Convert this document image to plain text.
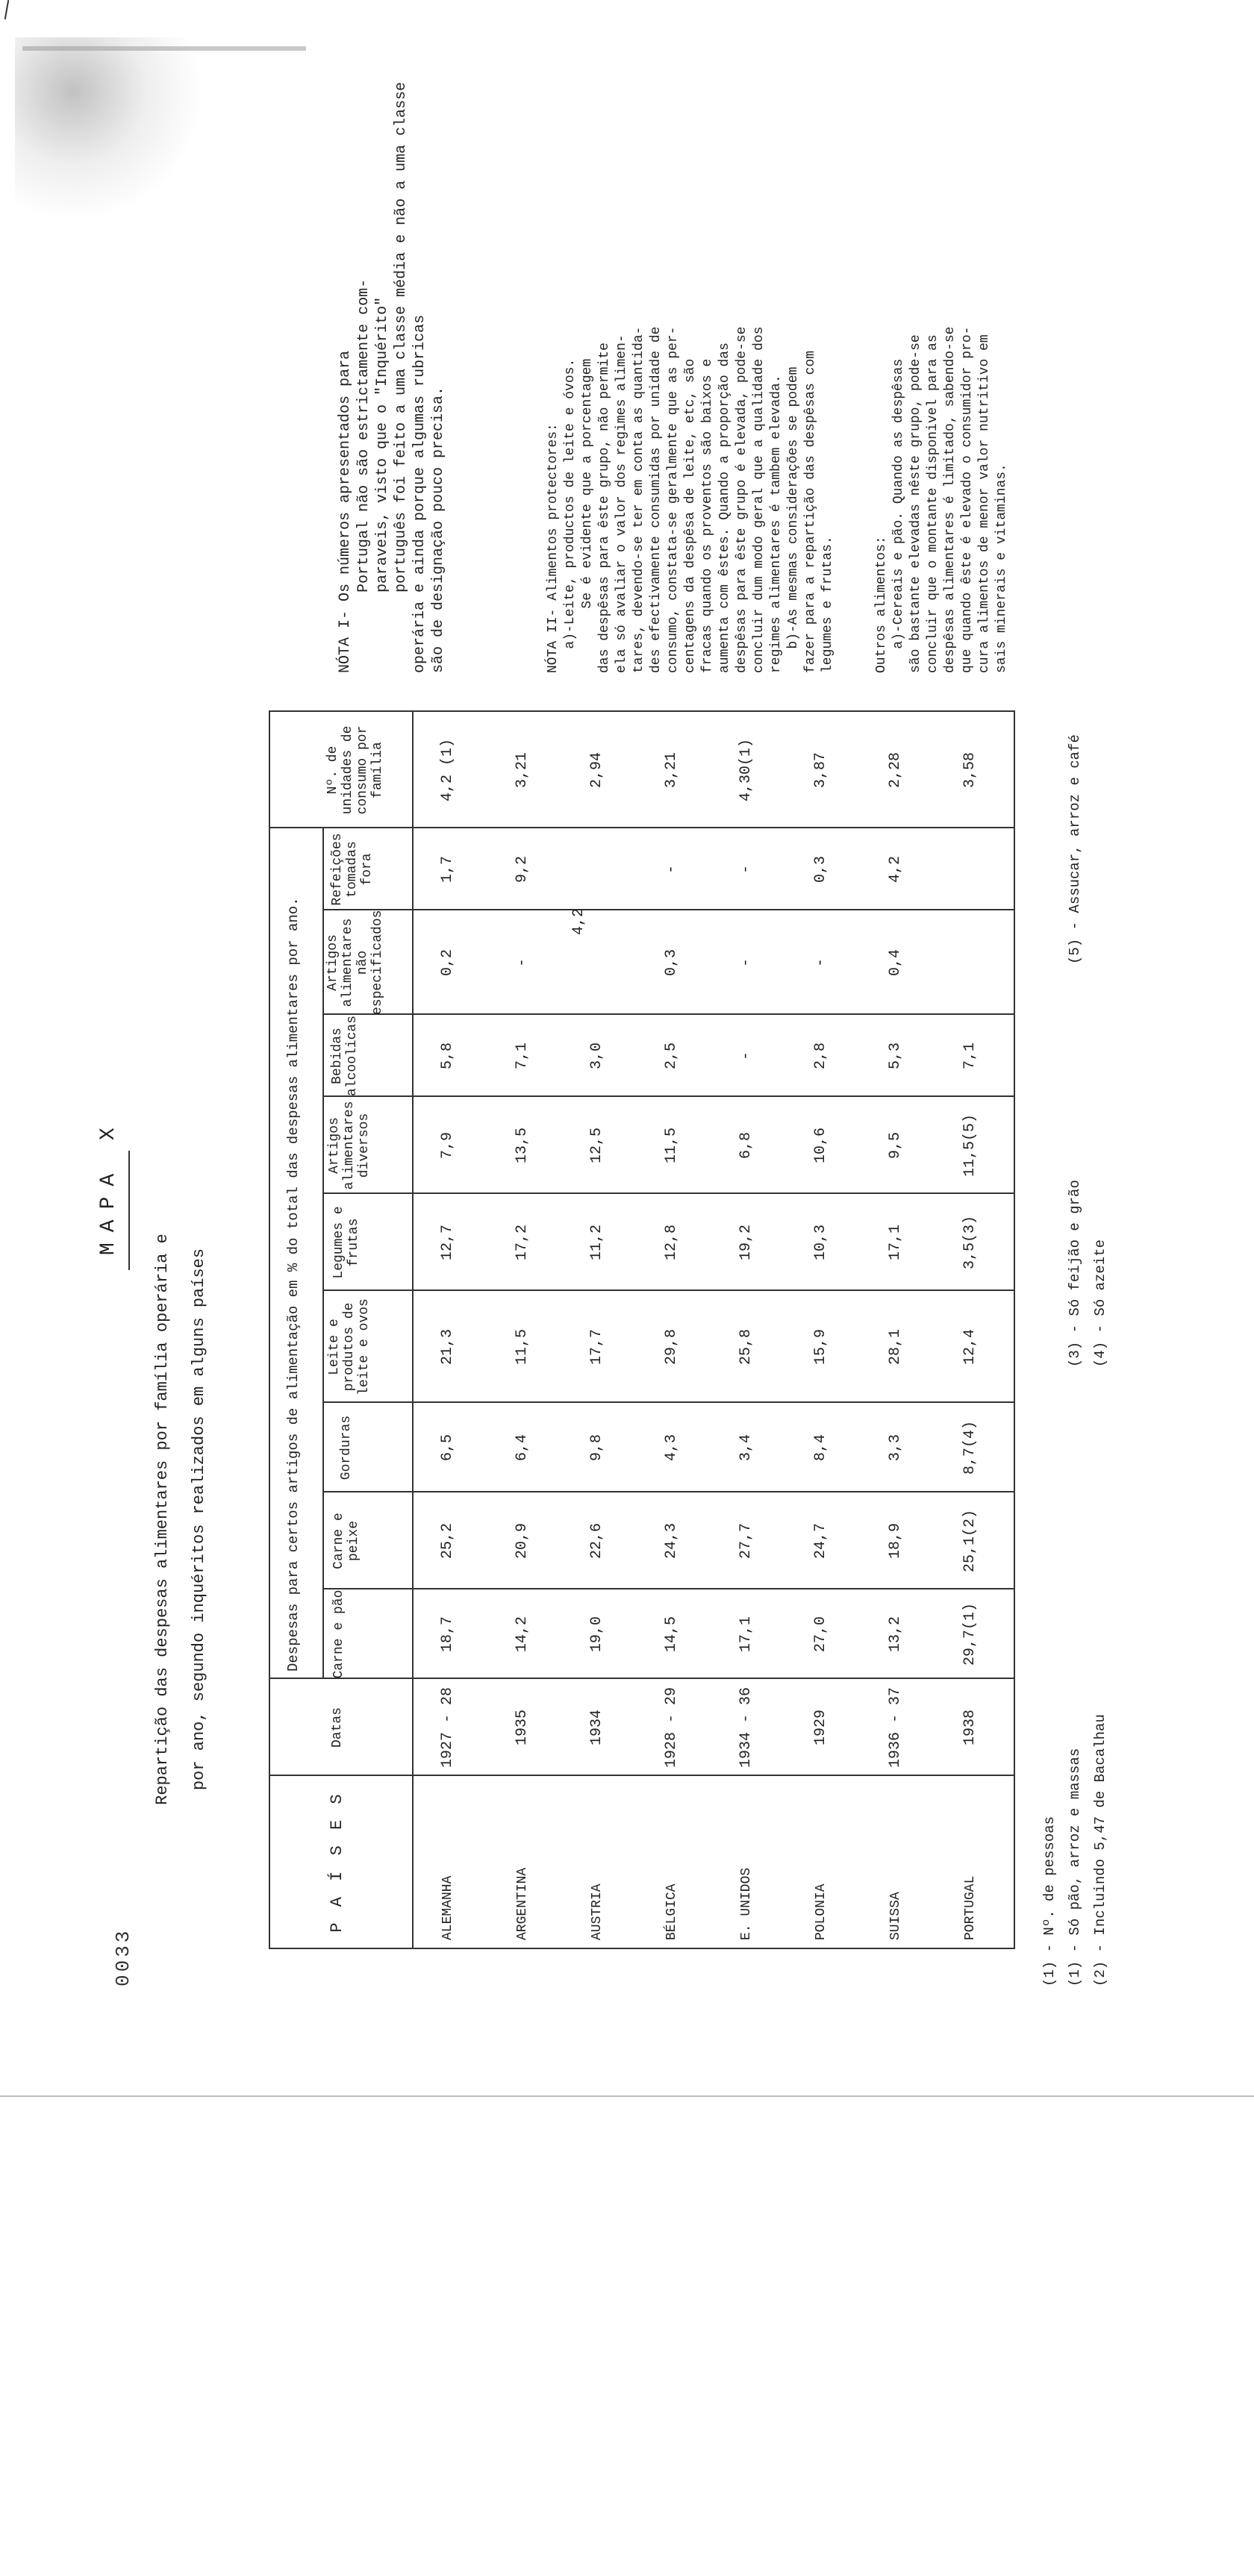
0033
MAPA X
Repartição das despesas alimentares por família operária e por ano, segundo inquéritos realizados em alguns países
P A Í S E S
Datas
Despesas para certos artigos de alimentação em % do total das despesas alimentares por ano. Carne e pão
Carne e peixe
Gorduras
Leite e produtos de leite e ovos
Legumes e frutas
Artigos alimentares diversos
Bebidas alcoolicas
Artigos alimentares não especificados
Refeições tomadas fora
Nº. de unidades de consumo por família
ALEMANHA
1927 - 28
18,7
25,2
6,5
21,3
12,7
7,9
5,8
0,2
1,7
4,2 (1)
ARGENTINA
1935
14,2
20,9
6,4
11,5
17,2
13,5
7,1
-
9,2
3,21
AUSTRIA
1934
19,0
22,6
9,8
17,7
11,2
12,5
3,0
4,2
2,94
BÉLGICA
1928 - 29
14,5
24,3
4,3
29,8
12,8
11,5
2,5
0,3
-
3,21
E. UNIDOS
1934 - 36
17,1
27,7
3,4
25,8
19,2
6,8
-
-
-
4,30(1)
POLONIA
1929
27,0
24,7
8,4
15,9
10,3
10,6
2,8
-
0,3
3,87
SUISSA
1936 - 37
13,2
18,9
3,3
28,1
17,1
9,5
5,3
0,4
4,2
2,28
PORTUGAL
1938
29,7(1)
25,1(2)
8,7(4)
12,4
3,5(3)
11,5(5)
7,1
3,58
(1) - Nº. de pessoas (1) - Só pão, arroz e massas (2) - Incluindo 5,47 de Bacalhau
(3) - Só feijão e grão (4) - Só azeite
(5) - Assucar, arroz e café
NÓTA I- Os números apresentados para
Portugal não são estrictamente com-
paraveis, visto que o "Inquérito"
português foi feito a uma classe média e não a uma classe
operária e ainda porque algumas rubricas
são de designação pouco precisa.
NÓTA II- Alimentos protectores:
a)-Leite, productos de leite e óvos.
Se é evidente que a porcentagem
das despêsas para êste grupo, não permite
ela só avaliar o valor dos regimes alimen-
tares, devendo-se ter em conta as quantida-
des efectivamente consumidas por unidade de
consumo, constata-se geralmente que as per-
centagens da despêsa de leite, etc, são
fracas quando os proventos são baixos e
aumenta com êstes. Quando a proporção das
despêsas para êste grupo é elevada, pode-se
concluir dum modo geral que a qualidade dos
regimes alimentares é tambem elevada.
b)-As mesmas considerações se podem
fazer para a repartição das despêsas com
legumes e frutas.
Outros alimentos:
a)-Cereais e pão. Quando as despêsas
são bastante elevadas nêste grupo, pode-se
concluir que o montante disponivel para as
despêsas alimentares é limitado, sabendo-se
que quando êste é elevado o consumidor pro-
cura alimentos de menor valor nutritivo em
sais minerais e vitaminas.
